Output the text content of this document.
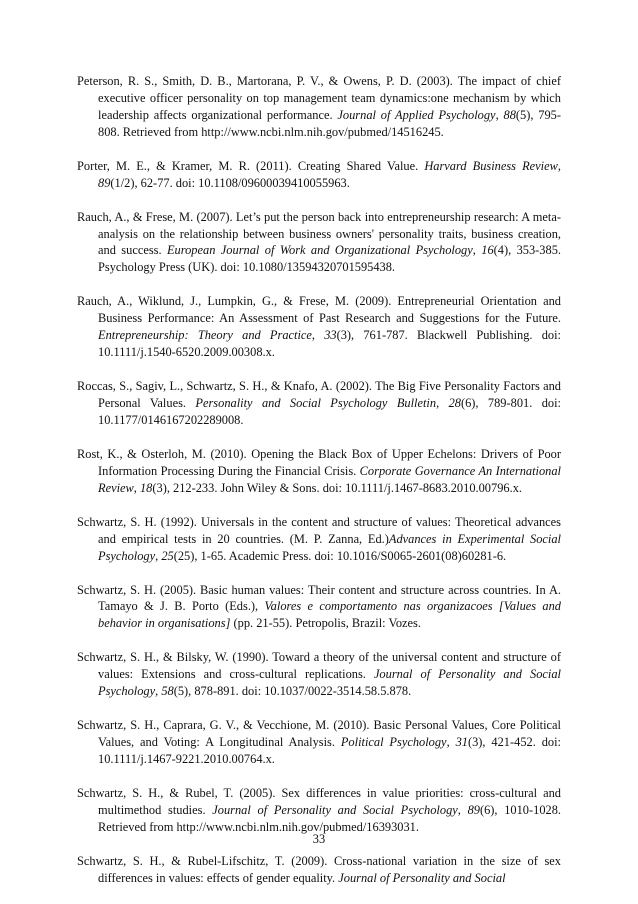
Peterson, R. S., Smith, D. B., Martorana, P. V., & Owens, P. D. (2003). The impact of chief executive officer personality on top management team dynamics:one mechanism by which leadership affects organizational performance. Journal of Applied Psychology, 88(5), 795-808. Retrieved from http://www.ncbi.nlm.nih.gov/pubmed/14516245.

Porter, M. E., & Kramer, M. R. (2011). Creating Shared Value. Harvard Business Review, 89(1/2), 62-77. doi: 10.1108/09600039410055963.

Rauch, A., & Frese, M. (2007). Let’s put the person back into entrepreneurship research: A meta-analysis on the relationship between business owners' personality traits, business creation, and success. European Journal of Work and Organizational Psychology, 16(4), 353-385. Psychology Press (UK). doi: 10.1080/13594320701595438.

Rauch, A., Wiklund, J., Lumpkin, G., & Frese, M. (2009). Entrepreneurial Orientation and Business Performance: An Assessment of Past Research and Suggestions for the Future. Entrepreneurship: Theory and Practice, 33(3), 761-787. Blackwell Publishing. doi: 10.1111/j.1540-6520.2009.00308.x.

Roccas, S., Sagiv, L., Schwartz, S. H., & Knafo, A. (2002). The Big Five Personality Factors and Personal Values. Personality and Social Psychology Bulletin, 28(6), 789-801. doi: 10.1177/0146167202289008.

Rost, K., & Osterloh, M. (2010). Opening the Black Box of Upper Echelons: Drivers of Poor Information Processing During the Financial Crisis. Corporate Governance An International Review, 18(3), 212-233. John Wiley & Sons. doi: 10.1111/j.1467-8683.2010.00796.x.

Schwartz, S. H. (1992). Universals in the content and structure of values: Theoretical advances and empirical tests in 20 countries. (M. P. Zanna, Ed.)Advances in Experimental Social Psychology, 25(25), 1-65. Academic Press. doi: 10.1016/S0065-2601(08)60281-6.

Schwartz, S. H. (2005). Basic human values: Their content and structure across countries. In A. Tamayo & J. B. Porto (Eds.), Valores e comportamento nas organizacoes [Values and behavior in organisations] (pp. 21-55). Petropolis, Brazil: Vozes.

Schwartz, S. H., & Bilsky, W. (1990). Toward a theory of the universal content and structure of values: Extensions and cross-cultural replications. Journal of Personality and Social Psychology, 58(5), 878-891. doi: 10.1037/0022-3514.58.5.878.

Schwartz, S. H., Caprara, G. V., & Vecchione, M. (2010). Basic Personal Values, Core Political Values, and Voting: A Longitudinal Analysis. Political Psychology, 31(3), 421-452. doi: 10.1111/j.1467-9221.2010.00764.x.

Schwartz, S. H., & Rubel, T. (2005). Sex differences in value priorities: cross-cultural and multimethod studies. Journal of Personality and Social Psychology, 89(6), 1010-1028. Retrieved from http://www.ncbi.nlm.nih.gov/pubmed/16393031.

Schwartz, S. H., & Rubel-Lifschitz, T. (2009). Cross-national variation in the size of sex differences in values: effects of gender equality. Journal of Personality and Social

33
